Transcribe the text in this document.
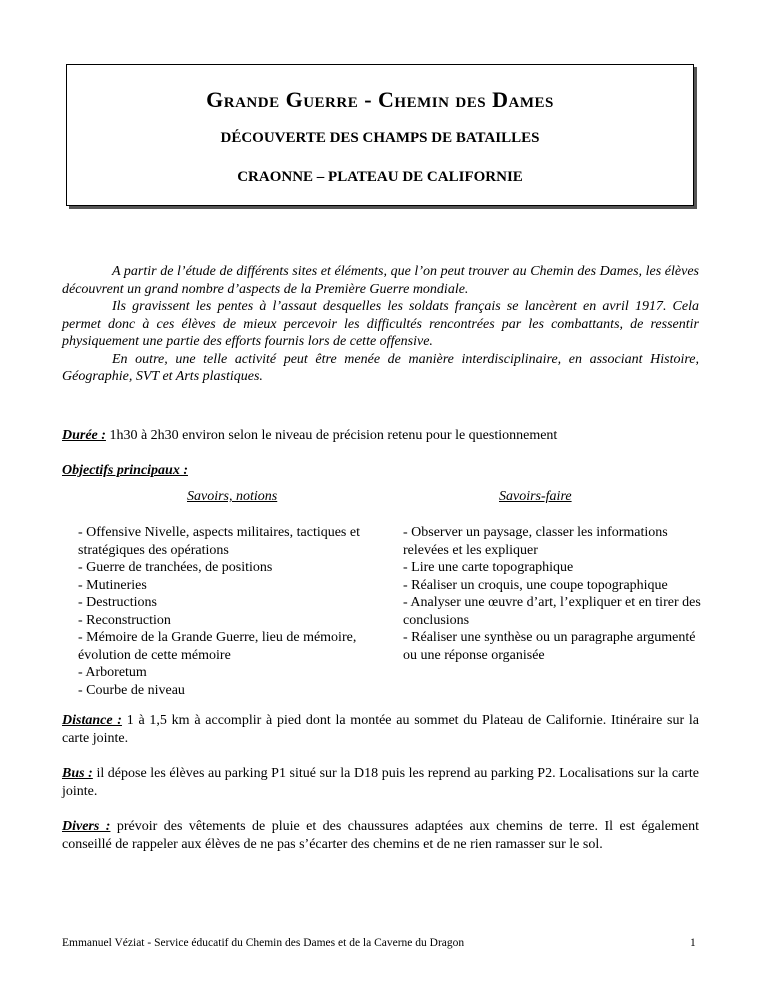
Grande Guerre - Chemin des Dames
DÉCOUVERTE DES CHAMPS DE BATAILLES
CRAONNE – PLATEAU DE CALIFORNIE

A partir de l’étude de différents sites et éléments, que l’on peut trouver au Chemin des Dames, les élèves découvrent un grand nombre d’aspects de la Première Guerre mondiale.

Ils gravissent les pentes à l’assaut desquelles les soldats français se lancèrent en avril 1917. Cela permet donc à ces élèves de mieux percevoir les difficultés rencontrées par les combattants, de ressentir physiquement une partie des efforts fournis lors de cette offensive.

En outre, une telle activité peut être menée de manière interdisciplinaire, en associant Histoire, Géographie, SVT et Arts plastiques.

Durée : 1h30 à 2h30 environ selon le niveau de précision retenu pour le questionnement
Objectifs principaux :
Savoirs, notions	Savoirs-faire
- Offensive Nivelle, aspects militaires, tactiques et stratégiques des opérations
- Guerre de tranchées, de positions
- Mutineries
- Destructions
- Reconstruction
- Mémoire de la Grande Guerre, lieu de mémoire, évolution de cette mémoire
- Arboretum
- Courbe de niveau
- Observer un paysage, classer les informations relevées et les expliquer
- Lire une carte topographique
- Réaliser un croquis, une coupe topographique
- Analyser une œuvre d’art, l’expliquer et en tirer des conclusions
- Réaliser une synthèse ou un paragraphe argumenté ou une réponse organisée
Distance : 1 à 1,5 km à accomplir à pied dont la montée au sommet du Plateau de Californie. Itinéraire sur la carte jointe.
Bus : il dépose les élèves au parking P1 situé sur la D18 puis les reprend au parking P2. Localisations sur la carte jointe.
Divers : prévoir des vêtements de pluie et des chaussures adaptées aux chemins de terre. Il est également conseillé de rappeler aux élèves de ne pas s’écarter des chemins et de ne rien ramasser sur le sol.
Emmanuel Véziat - Service éducatif du Chemin des Dames et de la Caverne du Dragon	1
